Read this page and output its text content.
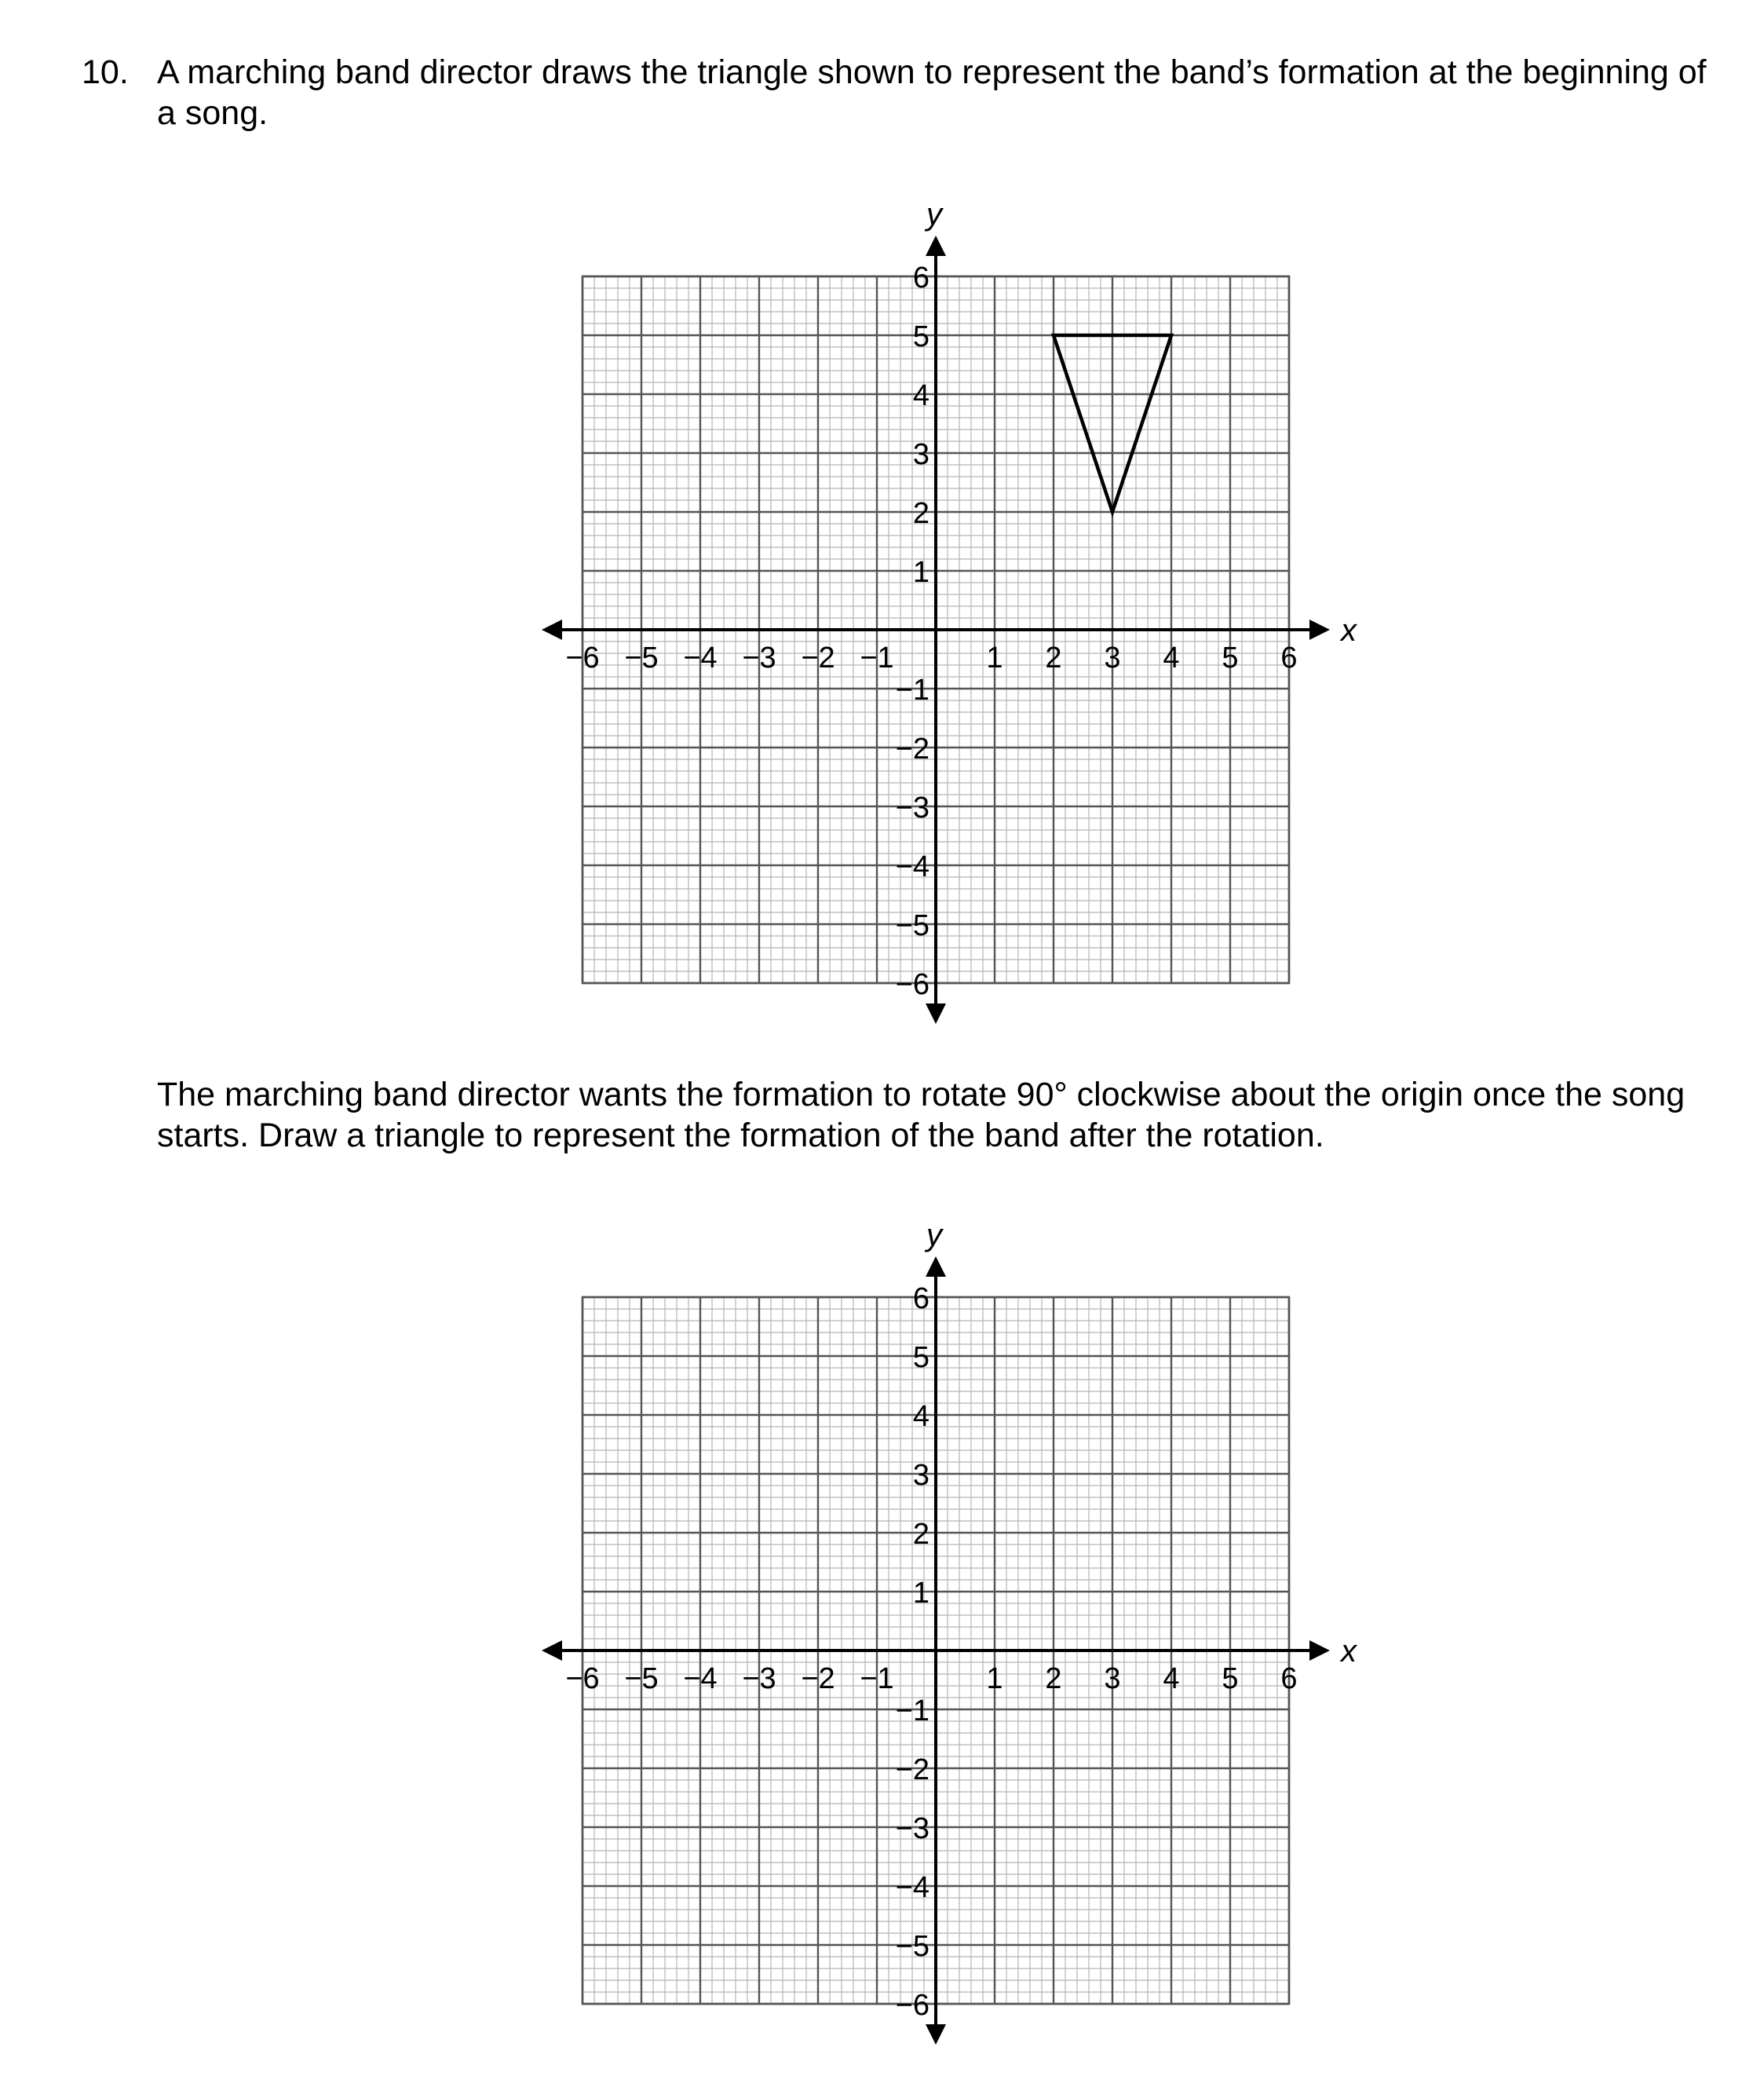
10. A marching band director draws the triangle shown to represent the band’s formation at the beginning of a song.
x
y
−6 −5 −4 −3 −2 −1	1 2 3 4 5 6
6
5
4
3
2
1
−1
−2
−3
−4
−5
−6
The marching band director wants the formation to rotate 90° clockwise about the origin once the song starts. Draw a triangle to represent the formation of the band after the rotation.
x
y
−6 −5 −4 −3 −2 −1	1 2 3 4 5 6
6
5
4
3
2
1
−1
−2
−3
−4
−5
−6
